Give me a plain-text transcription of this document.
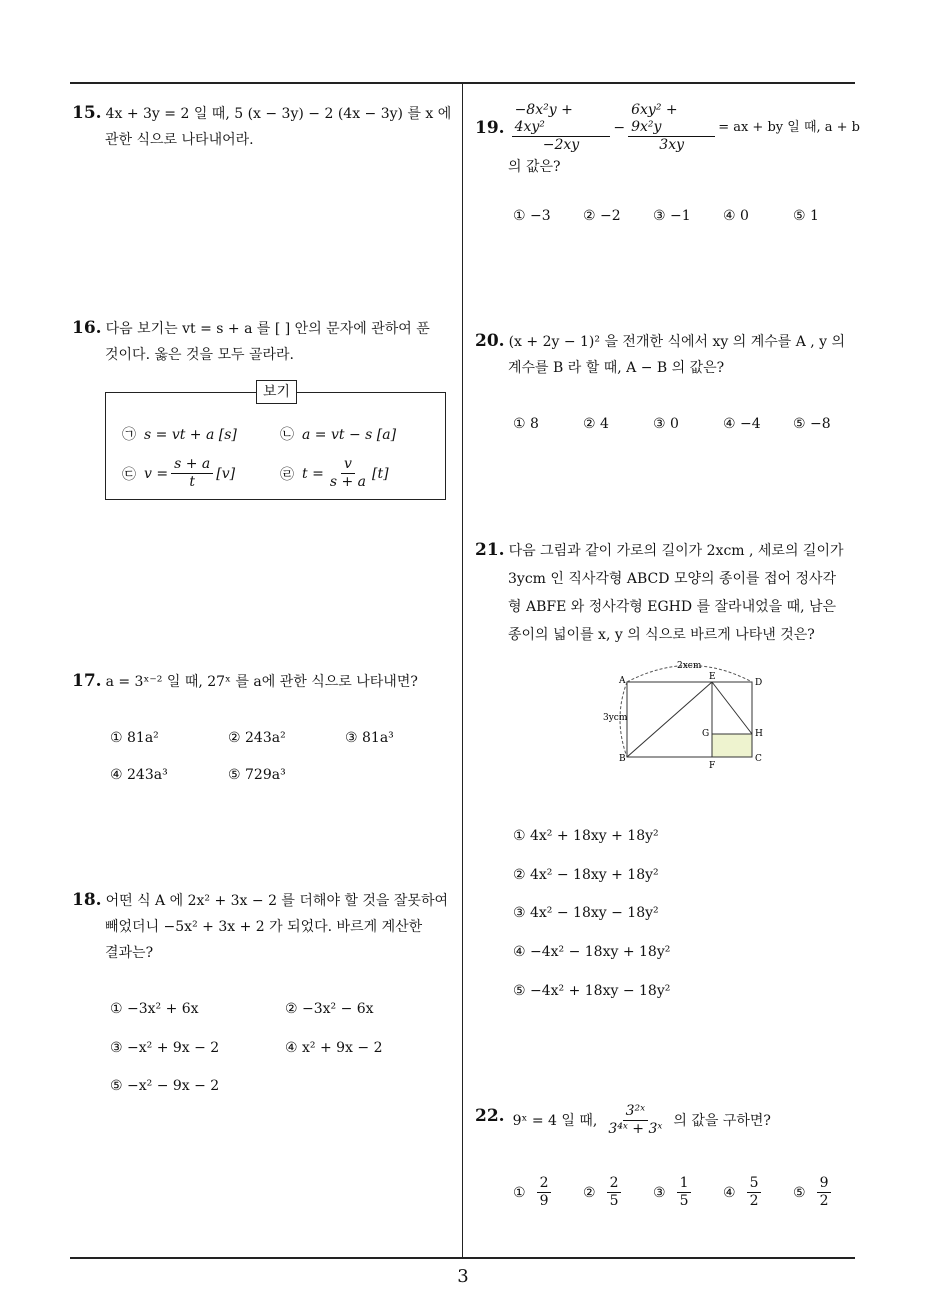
15. 4x + 3y = 2 일 때, 5 (x − 3y) − 2 (4x − 3y) 를 x 에
관한 식으로 나타내어라.
16. 다음 보기는 vt = s + a 를 [ ] 안의 문자에 관하여 푼
것이다. 옳은 것을 모두 골라라.
보기
㉠ s = vt + a [s]	㉡ a = vt − s [a]
㉢ $v = \frac{s + a}{t} [v]$	㉣ $t = \frac{v}{s + a} [t]$
17. a = 3ˣ⁻² 일 때, 27ˣ 를 a에 관한 식으로 나타내면?
① 81a²	② 243a²	③ 81a³
④ 243a³	⑤ 729a³
18. 어떤 식 A 에 2x² + 3x − 2 를 더해야 할 것을 잘못하여
빼었더니 −5x² + 3x + 2 가 되었다. 바르게 계산한
결과는?
① −3x² + 6x	② −3x² − 6x
③ −x² + 9x − 2	④ x² + 9x − 2
⑤ −x² − 9x − 2
19. $\frac{\text{−8x²y + 4xy²}}{-2xy} - \frac{\text{6xy² + 9x²y}}{3xy}$ = ax + by 일 때, a + b
의 값은?
① −3 ② −2 ③ −1 ④ 0	⑤ 1
20. (x + 2y − 1)² 을 전개한 식에서 xy 의 계수를 A , y 의
계수를 B 라 할 때, A − B 의 값은?
① 8	② 4	③ 0	④ −4 ⑤ −8
21. 다음 그림과 같이 가로의 길이가 2xcm , 세로의 길이가
3ycm 인 직사각형 ABCD 모양의 종이를 접어 정사각
형 ABFE 와 정사각형 EGHD 를 잘라내었을 때, 남은
종이의 넓이를 x, y 의 식으로 바르게 나타낸 것은?
2xcm
3ycm
A	E
D
G	H
B
F
C
① 4x² + 18xy + 18y²
② 4x² − 18xy + 18y²
③ 4x² − 18xy − 18y²
④ −4x² − 18xy + 18y²
⑤ −4x² + 18xy − 18y²
22. 9ˣ = 4 일 때, $\frac{\text{3²ˣ}}{\text{3⁴ˣ + 3ˣ}}$ 의 값을 구하면?
① $\frac{2}{9}$ ② $\frac{2}{5}$ ③ $\frac{1}{5}$ ④ $\frac{5}{2}$ ⑤ $\frac{9}{2}$
3
